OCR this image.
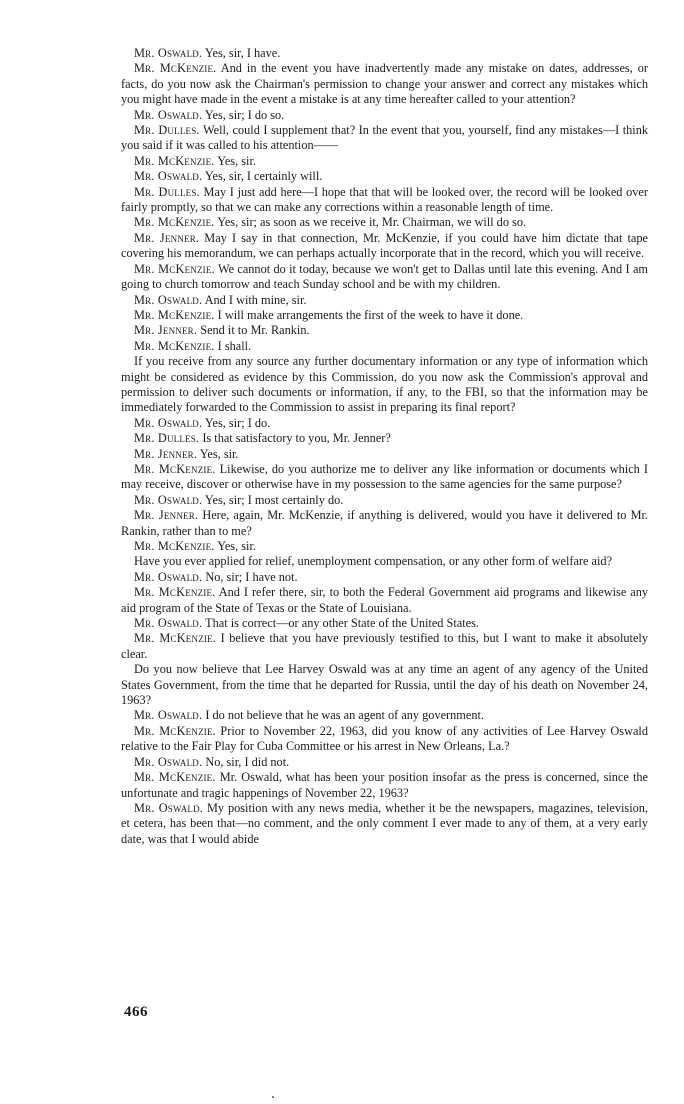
Mr. Oswald. Yes, sir, I have.

Mr. McKenzie. And in the event you have inadvertently made any mistake on dates, addresses, or facts, do you now ask the Chairman's permission to change your answer and correct any mistakes which you might have made in the event a mistake is at any time hereafter called to your attention?

Mr. Oswald. Yes, sir; I do so.

Mr. Dulles. Well, could I supplement that? In the event that you, yourself, find any mistakes—I think you said if it was called to his attention——

Mr. McKenzie. Yes, sir.

Mr. Oswald. Yes, sir, I certainly will.

Mr. Dulles. May I just add here—I hope that that will be looked over, the record will be looked over fairly promptly, so that we can make any corrections within a reasonable length of time.

Mr. McKenzie. Yes, sir; as soon as we receive it, Mr. Chairman, we will do so.

Mr. Jenner. May I say in that connection, Mr. McKenzie, if you could have him dictate that tape covering his memorandum, we can perhaps actually incorporate that in the record, which you will receive.

Mr. McKenzie. We cannot do it today, because we won't get to Dallas until late this evening. And I am going to church tomorrow and teach Sunday school and be with my children.

Mr. Oswald. And I with mine, sir.

Mr. McKenzie. I will make arrangements the first of the week to have it done.

Mr. Jenner. Send it to Mr. Rankin.

Mr. McKenzie. I shall.

If you receive from any source any further documentary information or any type of information which might be considered as evidence by this Commission, do you now ask the Commission's approval and permission to deliver such documents or information, if any, to the FBI, so that the information may be immediately forwarded to the Commission to assist in preparing its final report?

Mr. Oswald. Yes, sir; I do.

Mr. Dulles. Is that satisfactory to you, Mr. Jenner?

Mr. Jenner. Yes, sir.

Mr. McKenzie. Likewise, do you authorize me to deliver any like information or documents which I may receive, discover or otherwise have in my possession to the same agencies for the same purpose?

Mr. Oswald. Yes, sir; I most certainly do.

Mr. Jenner. Here, again, Mr. McKenzie, if anything is delivered, would you have it delivered to Mr. Rankin, rather than to me?

Mr. McKenzie. Yes, sir.

Have you ever applied for relief, unemployment compensation, or any other form of welfare aid?

Mr. Oswald. No, sir; I have not.

Mr. McKenzie. And I refer there, sir, to both the Federal Government aid programs and likewise any aid program of the State of Texas or the State of Louisiana.

Mr. Oswald. That is correct—or any other State of the United States.

Mr. McKenzie. I believe that you have previously testified to this, but I want to make it absolutely clear.

Do you now believe that Lee Harvey Oswald was at any time an agent of any agency of the United States Government, from the time that he departed for Russia, until the day of his death on November 24, 1963?

Mr. Oswald. I do not believe that he was an agent of any government.

Mr. McKenzie. Prior to November 22, 1963, did you know of any activities of Lee Harvey Oswald relative to the Fair Play for Cuba Committee or his arrest in New Orleans, La.?

Mr. Oswald. No, sir, I did not.

Mr. McKenzie. Mr. Oswald, what has been your position insofar as the press is concerned, since the unfortunate and tragic happenings of November 22, 1963?

Mr. Oswald. My position with any news media, whether it be the newspapers, magazines, television, et cetera, has been that—no comment, and the only comment I ever made to any of them, at a very early date, was that I would abide

466
